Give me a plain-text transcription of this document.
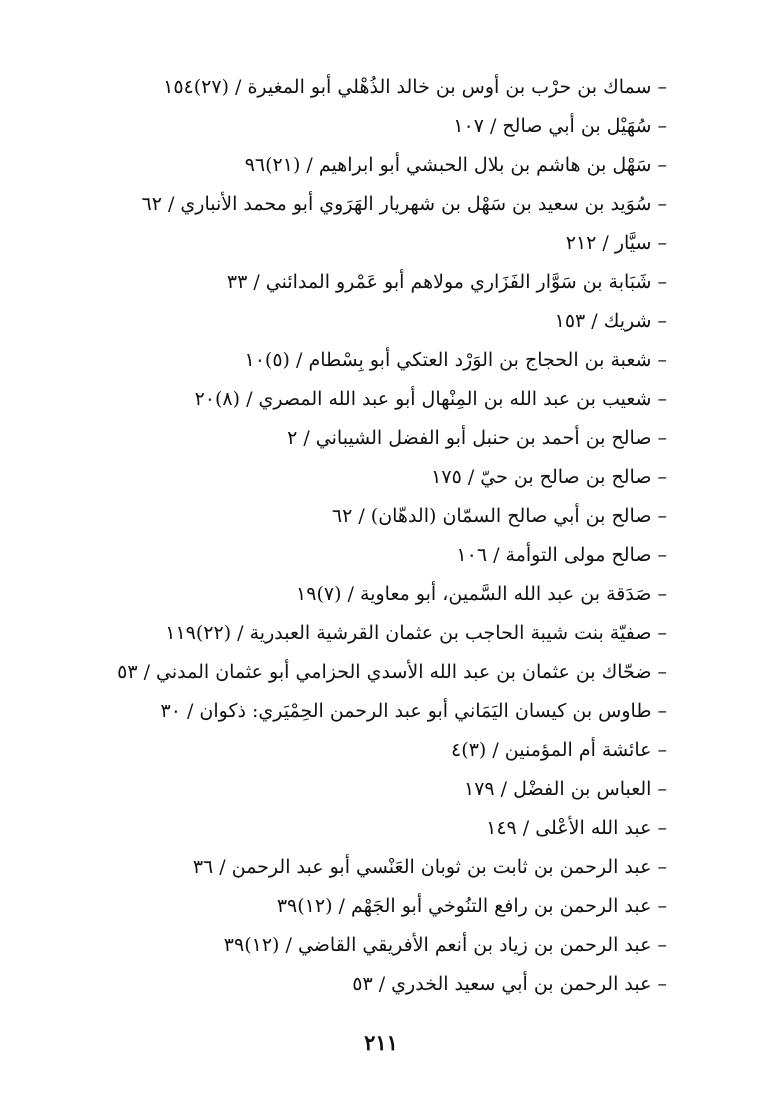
– سماك بن حرْب بن أوس بن خالد الذُهْلي أبو المغيرة / (٢٧)١٥٤
– سُهَيْل بن أبي صالح / ١٠٧
– سَهْل بن هاشم بن بلال الحبشي أبو ابراهيم / (٢١)٩٦
– سُوَيد بن سعيد بن سَهْل بن شهريار الهَرَوي أبو محمد الأنباري / ٦٢
– سيَّار / ٢١٢
– شَبَابة بن سَوَّار الفَزَاري مولاهم أبو عَمْرو المدائني / ٣٣
– شريك / ١٥٣
– شعبة بن الحجاج بن الوَرْد العتكي أبو بِسْطام / (٥)١٠
– شعيب بن عبد الله بن المِنْهال أبو عبد الله المصري / (٨)٢٠
– صالح بن أحمد بن حنبل أبو الفضل الشيباني / ٢
– صالح بن صالح بن حيّ / ١٧٥
– صالح بن أبي صالح السمّان (الدهّان) / ٦٢
– صالح مولى التوأمة / ١٠٦
– صَدَقة بن عبد الله السَّمين، أبو معاوية / (٧)١٩
– صفيّة بنت شيبة الحاجب بن عثمان القرشية العبدرية / (٢٢)١١٩
– ضحّاك بن عثمان بن عبد الله الأسدي الحزامي أبو عثمان المدني / ٥٣
– طاوس بن كيسان اليَمَاني أبو عبد الرحمن الحِمْيَري: ذكوان / ٣٠
– عائشة أم المؤمنين / (٣)٤
– العباس بن الفضْل / ١٧٩
– عبد الله الأعْلى / ١٤٩
– عبد الرحمن بن ثابت بن ثوبان العَنْسي أبو عبد الرحمن / ٣٦
– عبد الرحمن بن رافع التنُوخي أبو الجَهْم / (١٢)٣٩
– عبد الرحمن بن زياد بن أنعم الأفريقي القاضي / (١٢)٣٩
– عبد الرحمن بن أبي سعيد الخدري / ٥٣
٢١١
